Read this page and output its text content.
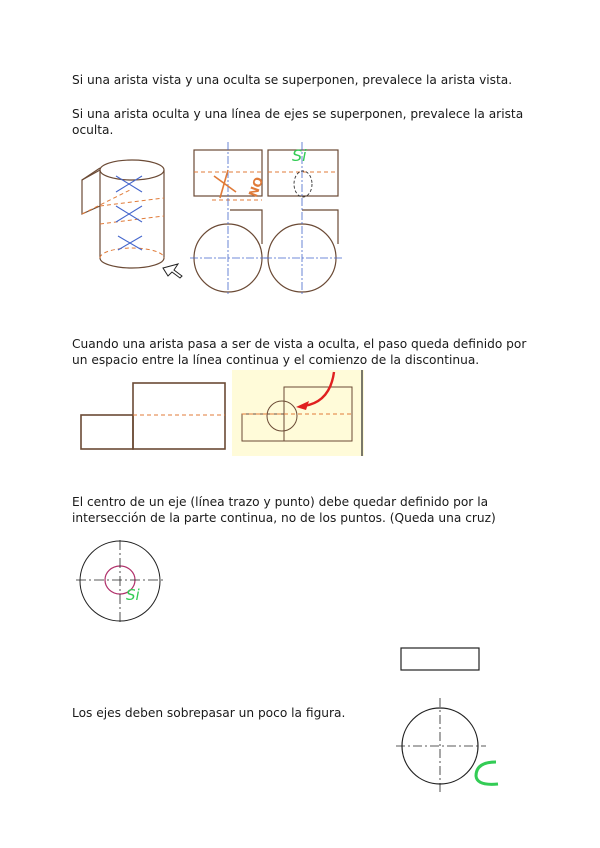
Si una arista vista y una oculta se superponen, prevalece la arista vista.

Si una arista oculta y una línea de ejes se superponen, prevalece la arista oculta.

NO
Si

Cuando una arista pasa a ser de vista a oculta, el paso queda definido por un espacio entre la línea continua y el comienzo de la discontinua.

El centro de un eje (línea trazo y punto) debe quedar definido por la intersección de la parte continua, no de los puntos. (Queda una cruz)

Si

Los ejes deben sobrepasar un poco la figura.
